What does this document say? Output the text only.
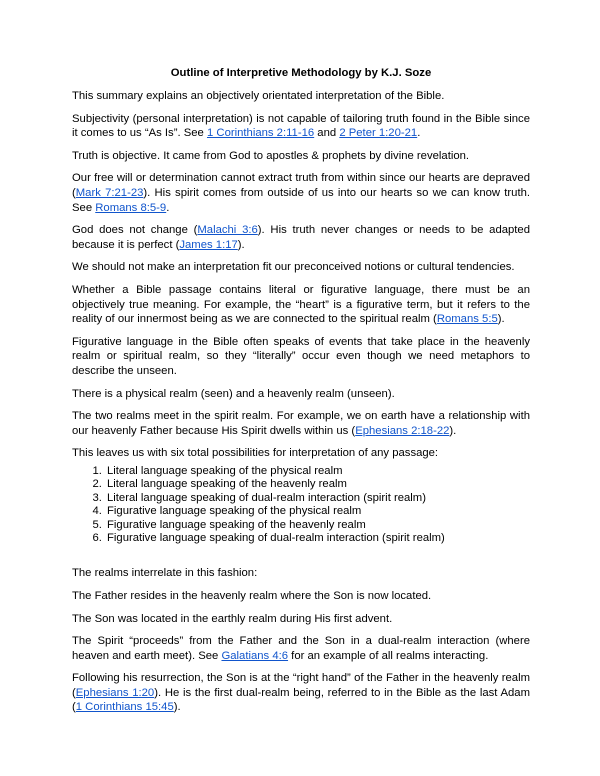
Outline of Interpretive Methodology by K.J. Soze

This summary explains an objectively orientated interpretation of the Bible.

Subjectivity (personal interpretation) is not capable of tailoring truth found in the Bible since it comes to us “As Is”. See 1 Corinthians 2:11-16 and 2 Peter 1:20-21.

Truth is objective. It came from God to apostles & prophets by divine revelation.

Our free will or determination cannot extract truth from within since our hearts are depraved (Mark 7:21-23). His spirit comes from outside of us into our hearts so we can know truth. See Romans 8:5-9.

God does not change (Malachi 3:6). His truth never changes or needs to be adapted because it is perfect (James 1:17).

We should not make an interpretation fit our preconceived notions or cultural tendencies.

Whether a Bible passage contains literal or figurative language, there must be an objectively true meaning. For example, the “heart” is a figurative term, but it refers to the reality of our innermost being as we are connected to the spiritual realm (Romans 5:5).

Figurative language in the Bible often speaks of events that take place in the heavenly realm or spiritual realm, so they “literally” occur even though we need metaphors to describe the unseen.

There is a physical realm (seen) and a heavenly realm (unseen).

The two realms meet in the spirit realm. For example, we on earth have a relationship with our heavenly Father because His Spirit dwells within us (Ephesians 2:18-22).

This leaves us with six total possibilities for interpretation of any passage:

1. Literal language speaking of the physical realm
2. Literal language speaking of the heavenly realm
3. Literal language speaking of dual-realm interaction (spirit realm)
4. Figurative language speaking of the physical realm
5. Figurative language speaking of the heavenly realm
6. Figurative language speaking of dual-realm interaction (spirit realm)

The realms interrelate in this fashion:

The Father resides in the heavenly realm where the Son is now located.

The Son was located in the earthly realm during His first advent.

The Spirit “proceeds” from the Father and the Son in a dual-realm interaction (where heaven and earth meet). See Galatians 4:6 for an example of all realms interacting.

Following his resurrection, the Son is at the “right hand” of the Father in the heavenly realm (Ephesians 1:20). He is the first dual-realm being, referred to in the Bible as the last Adam (1 Corinthians 15:45).
